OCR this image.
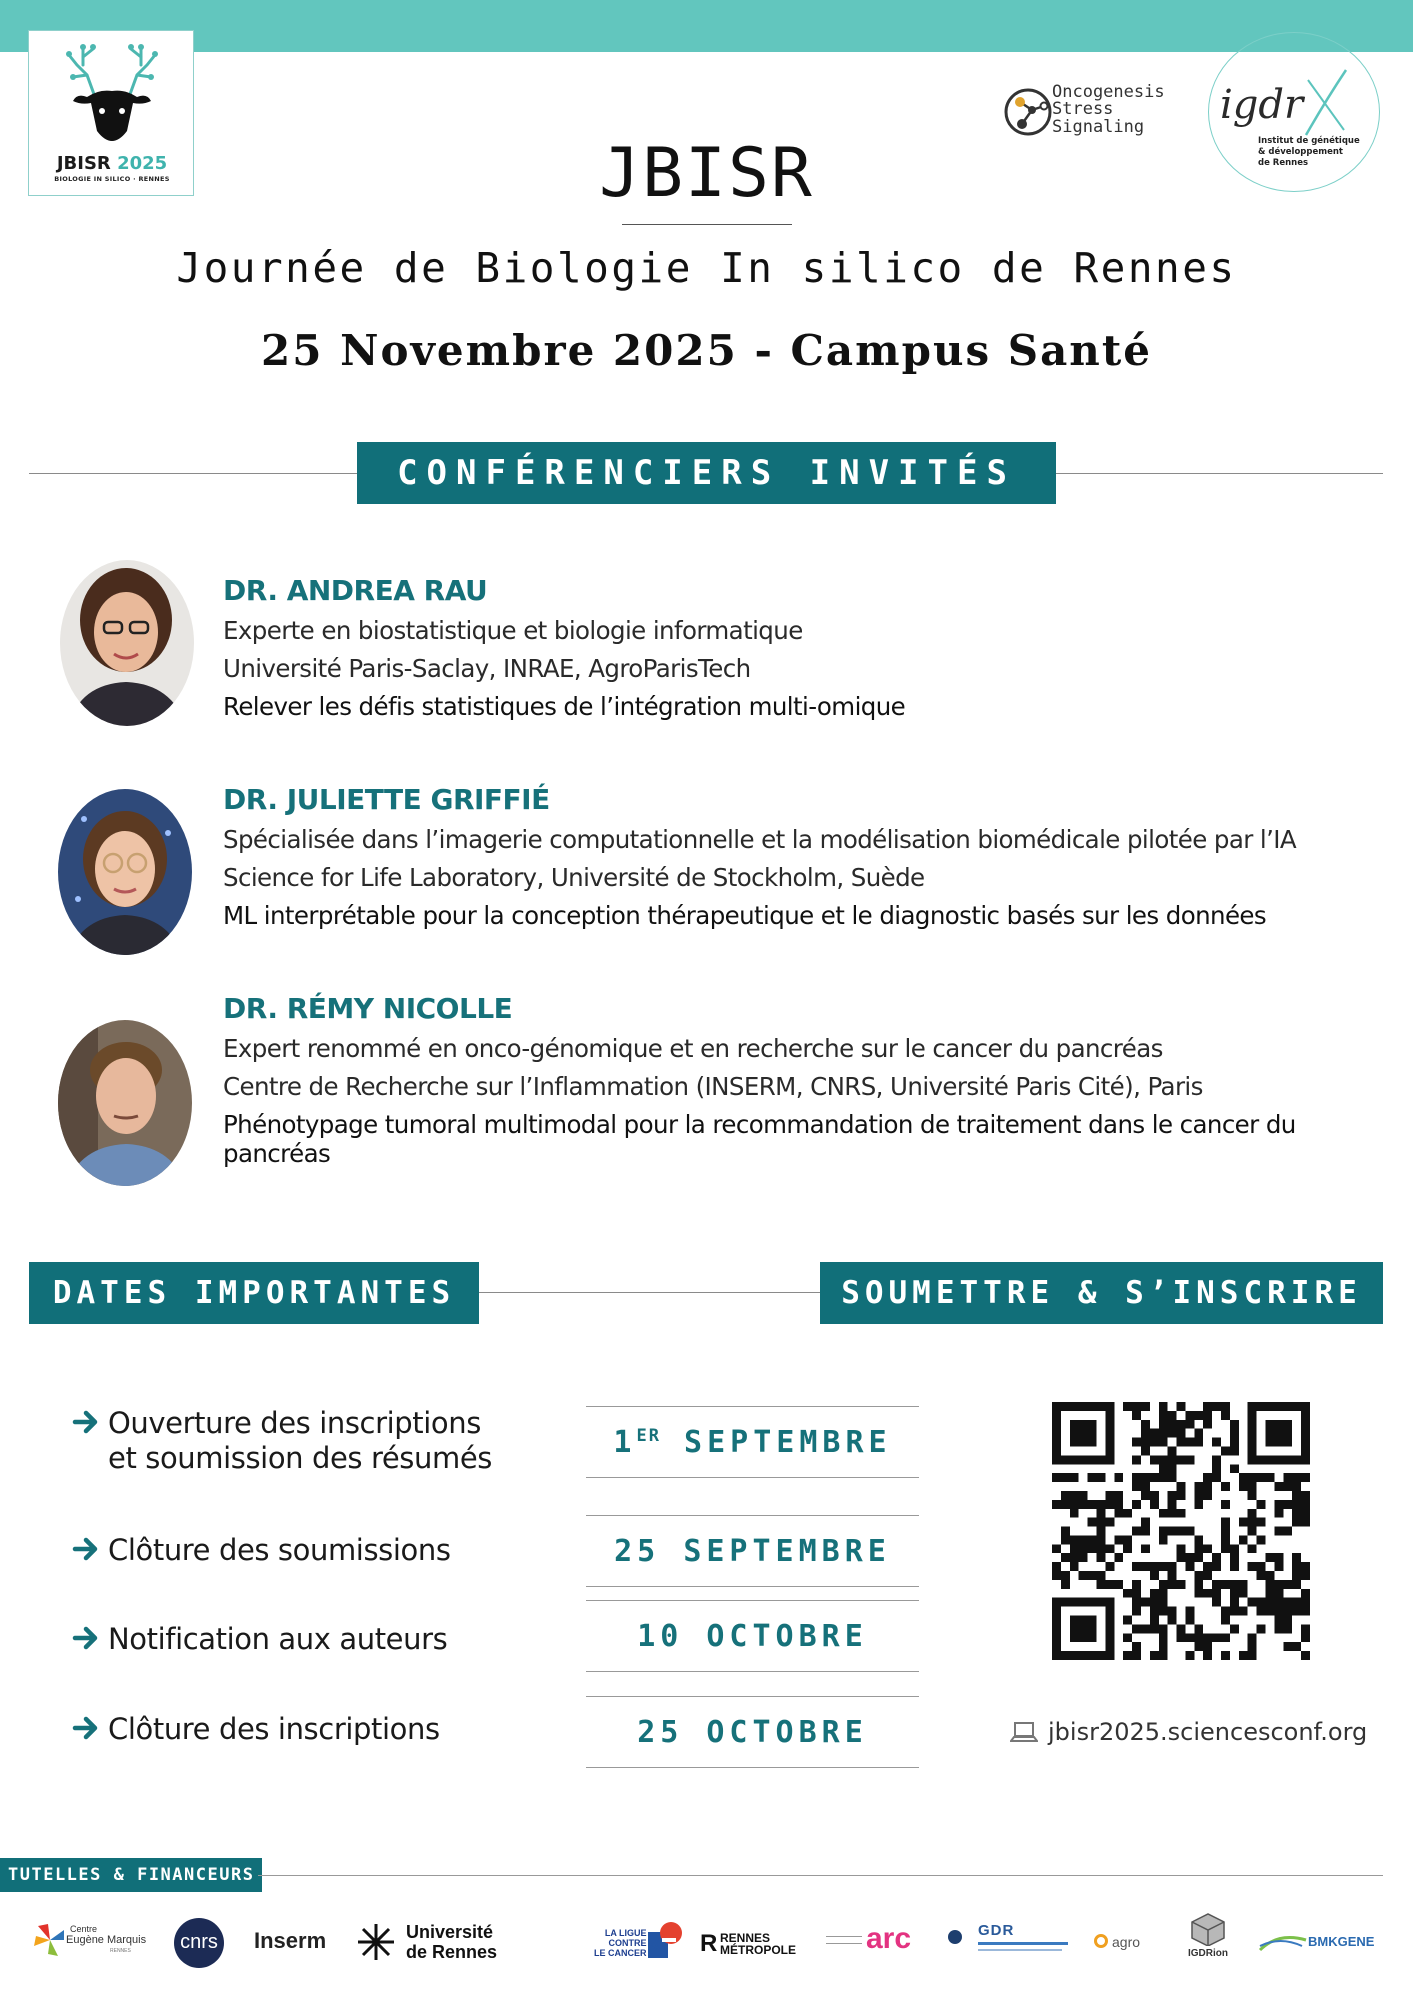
JBISR 2025
BIOLOGIE IN SILICO · RENNES
Oncogenesis
Stress
Signaling igdr
Institut de génétique
& développement
de Rennes
JBISR
Journée de Biologie In silico de Rennes
25 Novembre 2025 - Campus Santé
CONFÉRENCIERS INVITÉS
DR. ANDREA RAU
Experte en biostatistique et biologie informatique
Université Paris-Saclay, INRAE, AgroParisTech
Relever les défis statistiques de l’intégration multi-omique
DR. JULIETTE GRIFFIÉ
Spécialisée dans l’imagerie computationnelle et la modélisation biomédicale pilotée par l’IA
Science for Life Laboratory, Université de Stockholm, Suède
ML interprétable pour la conception thérapeutique et le diagnostic basés sur les données
DR. RÉMY NICOLLE
Expert renommé en onco-génomique et en recherche sur le cancer du pancréas
Centre de Recherche sur l’Inflammation (INSERM, CNRS, Université Paris Cité), Paris
Phénotypage tumoral multimodal pour la recommandation de traitement dans le cancer du pancréas
DATES IMPORTANTES	SOUMETTRE & S’INSCRIRE
Ouverture des inscriptions
et soumission des résumés	1ER
SEPTEMBRE
Clôture des soumissions	25
SEPTEMBRE
Notification aux auteurs	10
OCTOBRE
Clôture des inscriptions	25
OCTOBRE	jbisr2025.sciencesconf.org
TUTELLES & FINANCEURS
Centre
Eugène Marquis
RENNES	cnrs Inserm	Université
de Rennes
LA LIGUE
CONTRE
LE CANCER R RENNES
MÉTROPOLE arc	GDR
agro
IGDRion
BMKGENE
